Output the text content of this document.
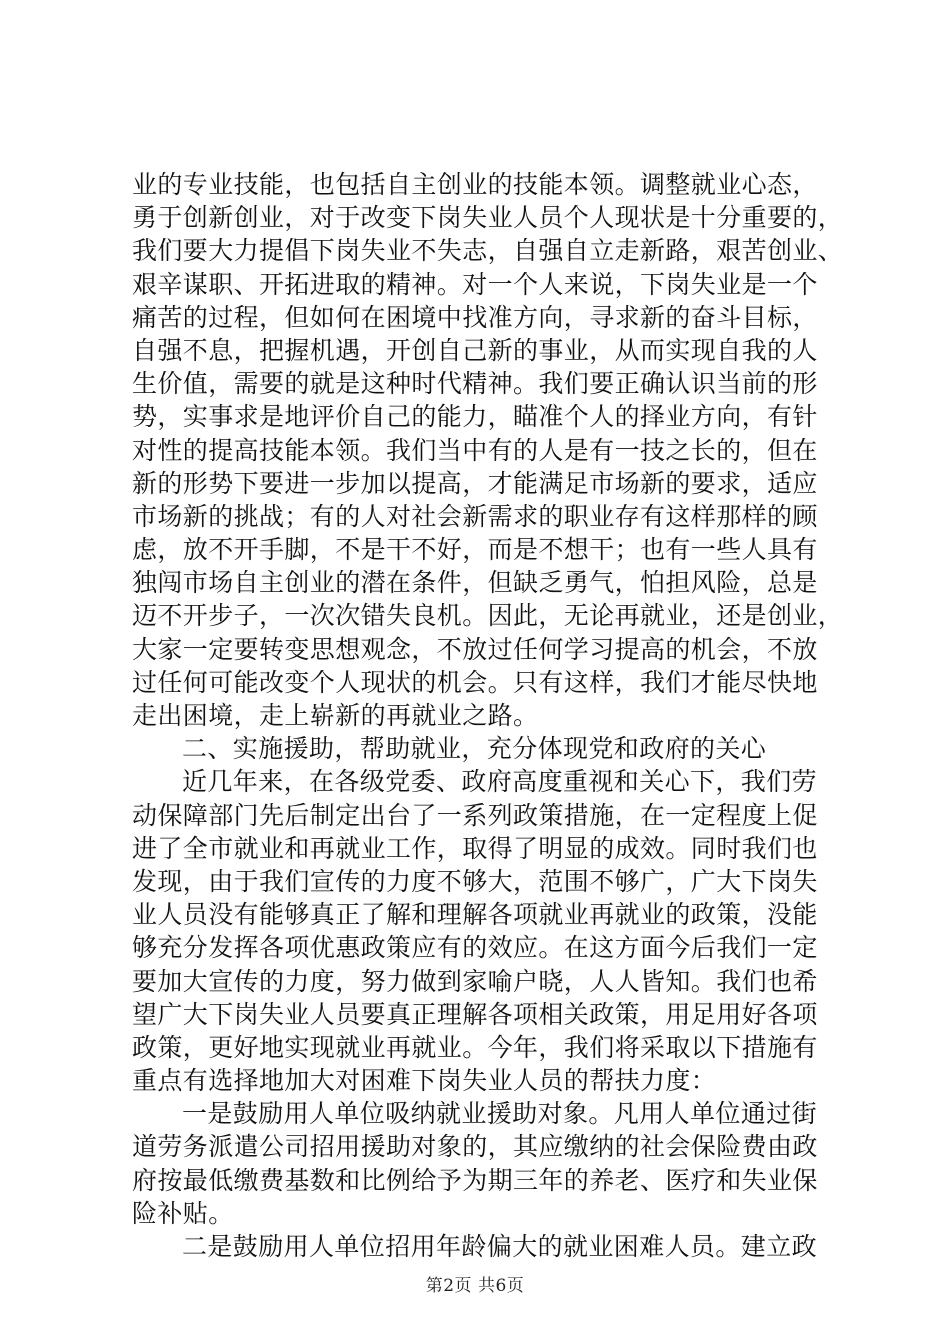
业的专业技能，也包括自主创业的技能本领。调整就业心态，
勇于创新创业，对于改变下岗失业人员个人现状是十分重要的，
我们要大力提倡下岗失业不失志，自强自立走新路，艰苦创业、
艰辛谋职、开拓进取的精神。对一个人来说，下岗失业是一个
痛苦的过程，但如何在困境中找准方向，寻求新的奋斗目标，
自强不息，把握机遇，开创自己新的事业，从而实现自我的人
生价值，需要的就是这种时代精神。我们要正确认识当前的形
势，实事求是地评价自己的能力，瞄准个人的择业方向，有针
对性的提高技能本领。我们当中有的人是有一技之长的，但在
新的形势下要进一步加以提高，才能满足市场新的要求，适应
市场新的挑战；有的人对社会新需求的职业存有这样那样的顾
虑，放不开手脚，不是干不好，而是不想干；也有一些人具有
独闯市场自主创业的潜在条件，但缺乏勇气，怕担风险，总是
迈不开步子，一次次错失良机。因此，无论再就业，还是创业，
大家一定要转变思想观念，不放过任何学习提高的机会，不放
过任何可能改变个人现状的机会。只有这样，我们才能尽快地
走出困境，走上崭新的再就业之路。
二、实施援助，帮助就业，充分体现党和政府的关心
近几年来，在各级党委、政府高度重视和关心下，我们劳
动保障部门先后制定出台了一系列政策措施，在一定程度上促
进了全市就业和再就业工作，取得了明显的成效。同时我们也
发现，由于我们宣传的力度不够大，范围不够广，广大下岗失
业人员没有能够真正了解和理解各项就业再就业的政策，没能
够充分发挥各项优惠政策应有的效应。在这方面今后我们一定
要加大宣传的力度，努力做到家喻户晓，人人皆知。我们也希
望广大下岗失业人员要真正理解各项相关政策，用足用好各项
政策，更好地实现就业再就业。今年，我们将采取以下措施有
重点有选择地加大对困难下岗失业人员的帮扶力度：
一是鼓励用人单位吸纳就业援助对象。凡用人单位通过街
道劳务派遣公司招用援助对象的，其应缴纳的社会保险费由政
府按最低缴费基数和比例给予为期三年的养老、医疗和失业保
险补贴。
二是鼓励用人单位招用年龄偏大的就业困难人员。建立政
第2页 共6页
